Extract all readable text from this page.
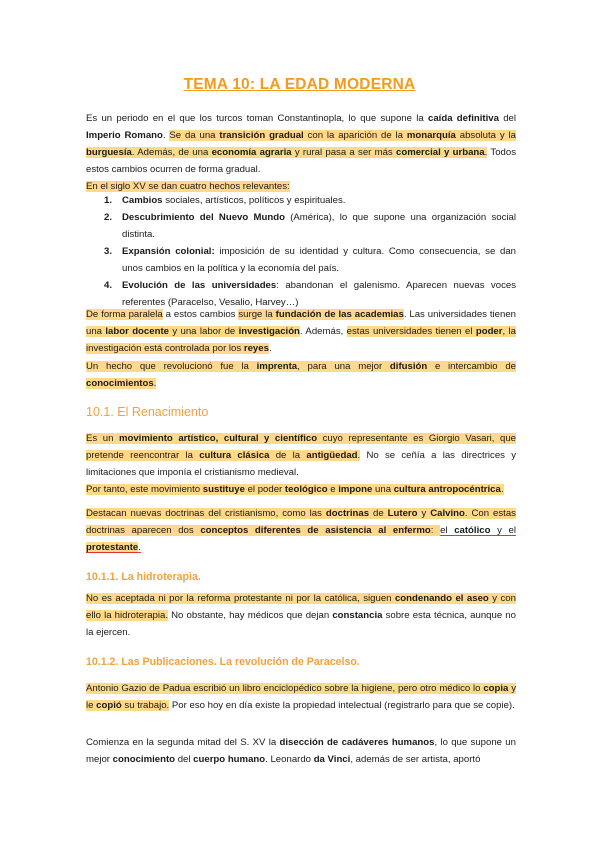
TEMA 10: LA EDAD MODERNA
Es un periodo en el que los turcos toman Constantinopla, lo que supone la caída definitiva del Imperio Romano. Se da una transición gradual con la aparición de la monarquía absoluta y la burguesía. Además, de una economía agraria y rural pasa a ser más comercial y urbana. Todos estos cambios ocurren de forma gradual.
En el siglo XV se dan cuatro hechos relevantes:
1. Cambios sociales, artísticos, políticos y espirituales.
2. Descubrimiento del Nuevo Mundo (América), lo que supone una organización social distinta.
3. Expansión colonial: imposición de su identidad y cultura. Como consecuencia, se dan unos cambios en la política y la economía del país.
4. Evolución de las universidades: abandonan el galenismo. Aparecen nuevas voces referentes (Paracelso, Vesalio, Harvey…)
De forma paralela a estos cambios surge la fundación de las academias. Las universidades tienen una labor docente y una labor de investigación. Además, estas universidades tienen el poder, la investigación está controlada por los reyes.
Un hecho que revolucionó fue la imprenta, para una mejor difusión e intercambio de conocimientos.
10.1. El Renacimiento
Es un movimiento artístico, cultural y científico cuyo representante es Giorgio Vasari, que pretende reencontrar la cultura clásica de la antigüedad. No se ceñía a las directrices y limitaciones que imponía el cristianismo medieval.
Por tanto, este movimiento sustituye el poder teológico e impone una cultura antropocéntrica.
Destacan nuevas doctrinas del cristianismo, como las doctrinas de Lutero y Calvino. Con estas doctrinas aparecen dos conceptos diferentes de asistencia al enfermo: el católico y el protestante.
10.1.1. La hidroterapia.
No es aceptada ni por la reforma protestante ni por la católica, siguen condenando el aseo y con ello la hidroterapia. No obstante, hay médicos que dejan constancia sobre esta técnica, aunque no la ejercen.
10.1.2. Las Publicaciones. La revolución de Paracelso.
Antonio Gazio de Padua escribió un libro enciclopédico sobre la higiene, pero otro médico lo copia y le copió su trabajo. Por eso hoy en día existe la propiedad intelectual (registrarlo para que se copie).
Comienza en la segunda mitad del S. XV la disección de cadáveres humanos, lo que supone un mejor conocimiento del cuerpo humano. Leonardo da Vinci, además de ser artista, aportó
